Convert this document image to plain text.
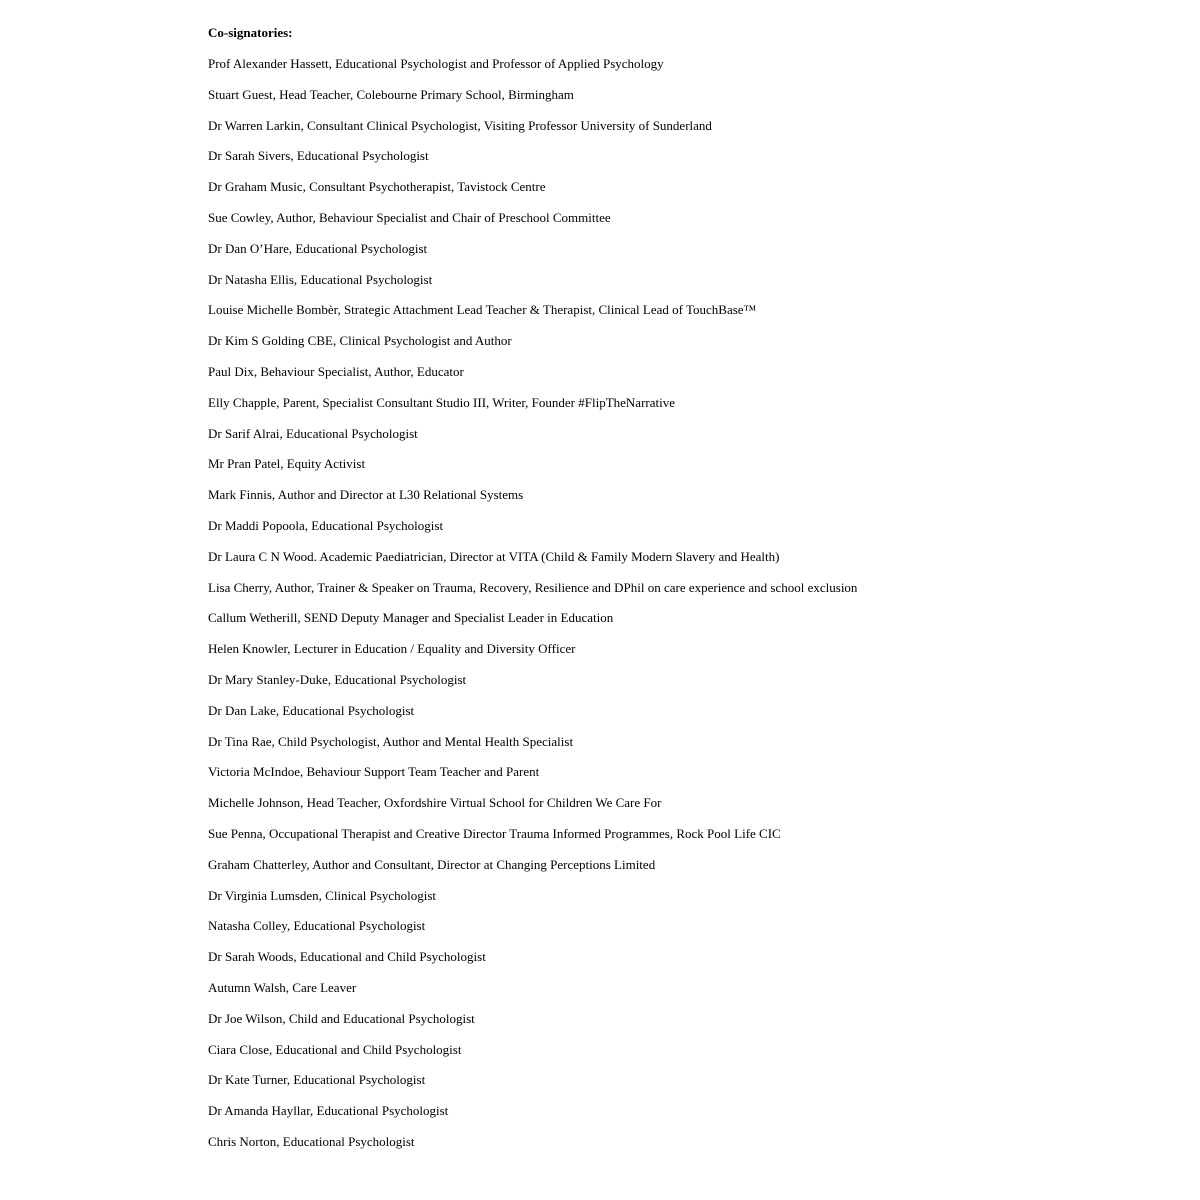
Co-signatories:

Prof Alexander Hassett, Educational Psychologist and Professor of Applied Psychology
Stuart Guest, Head Teacher, Colebourne Primary School, Birmingham
Dr Warren Larkin, Consultant Clinical Psychologist, Visiting Professor University of Sunderland
Dr Sarah Sivers, Educational Psychologist
Dr Graham Music, Consultant Psychotherapist, Tavistock Centre
Sue Cowley, Author, Behaviour Specialist and Chair of Preschool Committee
Dr Dan O’Hare, Educational Psychologist
Dr Natasha Ellis, Educational Psychologist
Louise Michelle Bombèr, Strategic Attachment Lead Teacher & Therapist, Clinical Lead of TouchBase™
Dr Kim S Golding CBE, Clinical Psychologist and Author
Paul Dix, Behaviour Specialist, Author, Educator
Elly Chapple, Parent, Specialist Consultant Studio III, Writer, Founder #FlipTheNarrative
Dr Sarif Alrai, Educational Psychologist
Mr Pran Patel, Equity Activist
Mark Finnis, Author and Director at L30 Relational Systems
Dr Maddi Popoola, Educational Psychologist
Dr Laura C N Wood. Academic Paediatrician, Director at VITA (Child & Family Modern Slavery and Health)
Lisa Cherry, Author, Trainer & Speaker on Trauma, Recovery, Resilience and DPhil on care experience and school exclusion
Callum Wetherill, SEND Deputy Manager and Specialist Leader in Education
Helen Knowler, Lecturer in Education / Equality and Diversity Officer
Dr Mary Stanley-Duke, Educational Psychologist
Dr Dan Lake, Educational Psychologist
Dr Tina Rae, Child Psychologist, Author and Mental Health Specialist
Victoria McIndoe, Behaviour Support Team Teacher and Parent
Michelle Johnson, Head Teacher, Oxfordshire Virtual School for Children We Care For
Sue Penna, Occupational Therapist and Creative Director Trauma Informed Programmes, Rock Pool Life CIC
Graham Chatterley, Author and Consultant, Director at Changing Perceptions Limited
Dr Virginia Lumsden, Clinical Psychologist
Natasha Colley, Educational Psychologist
Dr Sarah Woods, Educational and Child Psychologist
Autumn Walsh, Care Leaver
Dr Joe Wilson, Child and Educational Psychologist
Ciara Close, Educational and Child Psychologist
Dr Kate Turner, Educational Psychologist
Dr Amanda Hayllar, Educational Psychologist
Chris Norton, Educational Psychologist
